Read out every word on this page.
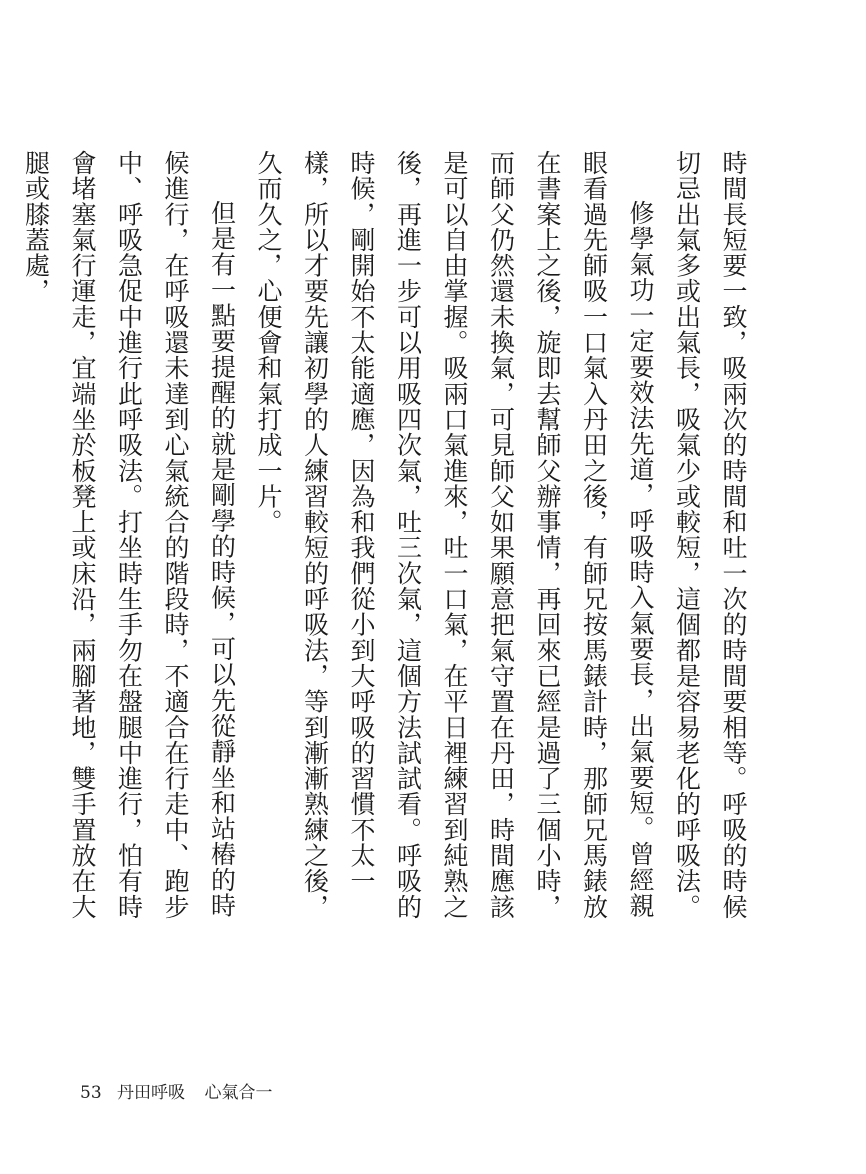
時間長短要一致，吸兩次的時間和吐一次的時間要相等。呼吸的時候切忌出氣多或出氣長，吸氣少或較短，這個都是容易老化的呼吸法。

修學氣功一定要效法先道，呼吸時入氣要長，出氣要短。曾經親眼看過先師吸一口氣入丹田之後，有師兄按馬錶計時，那師兄馬錶放在書案上之後，旋即去幫師父辦事情，再回來已經是過了三個小時，而師父仍然還未換氣，可見師父如果願意把氣守置在丹田，時間應該是可以自由掌握。吸兩口氣進來，吐一口氣，在平日裡練習到純熟之後，再進一步可以用吸四次氣，吐三次氣，這個方法試試看。呼吸的時候，剛開始不太能適應，因為和我們從小到大呼吸的習慣不太一樣，所以才要先讓初學的人練習較短的呼吸法，等到漸漸熟練之後，久而久之，心便會和氣打成一片。

但是有一點要提醒的就是剛學的時候，可以先從靜坐和站樁的時候進行，在呼吸還未達到心氣統合的階段時，不適合在行走中、跑步中、呼吸急促中進行此呼吸法。打坐時生手勿在盤腿中進行，怕有時會堵塞氣行運走，宜端坐於板凳上或床沿，兩腳著地，雙手置放在大腿或膝蓋處，

53 丹田呼吸 心氣合一
